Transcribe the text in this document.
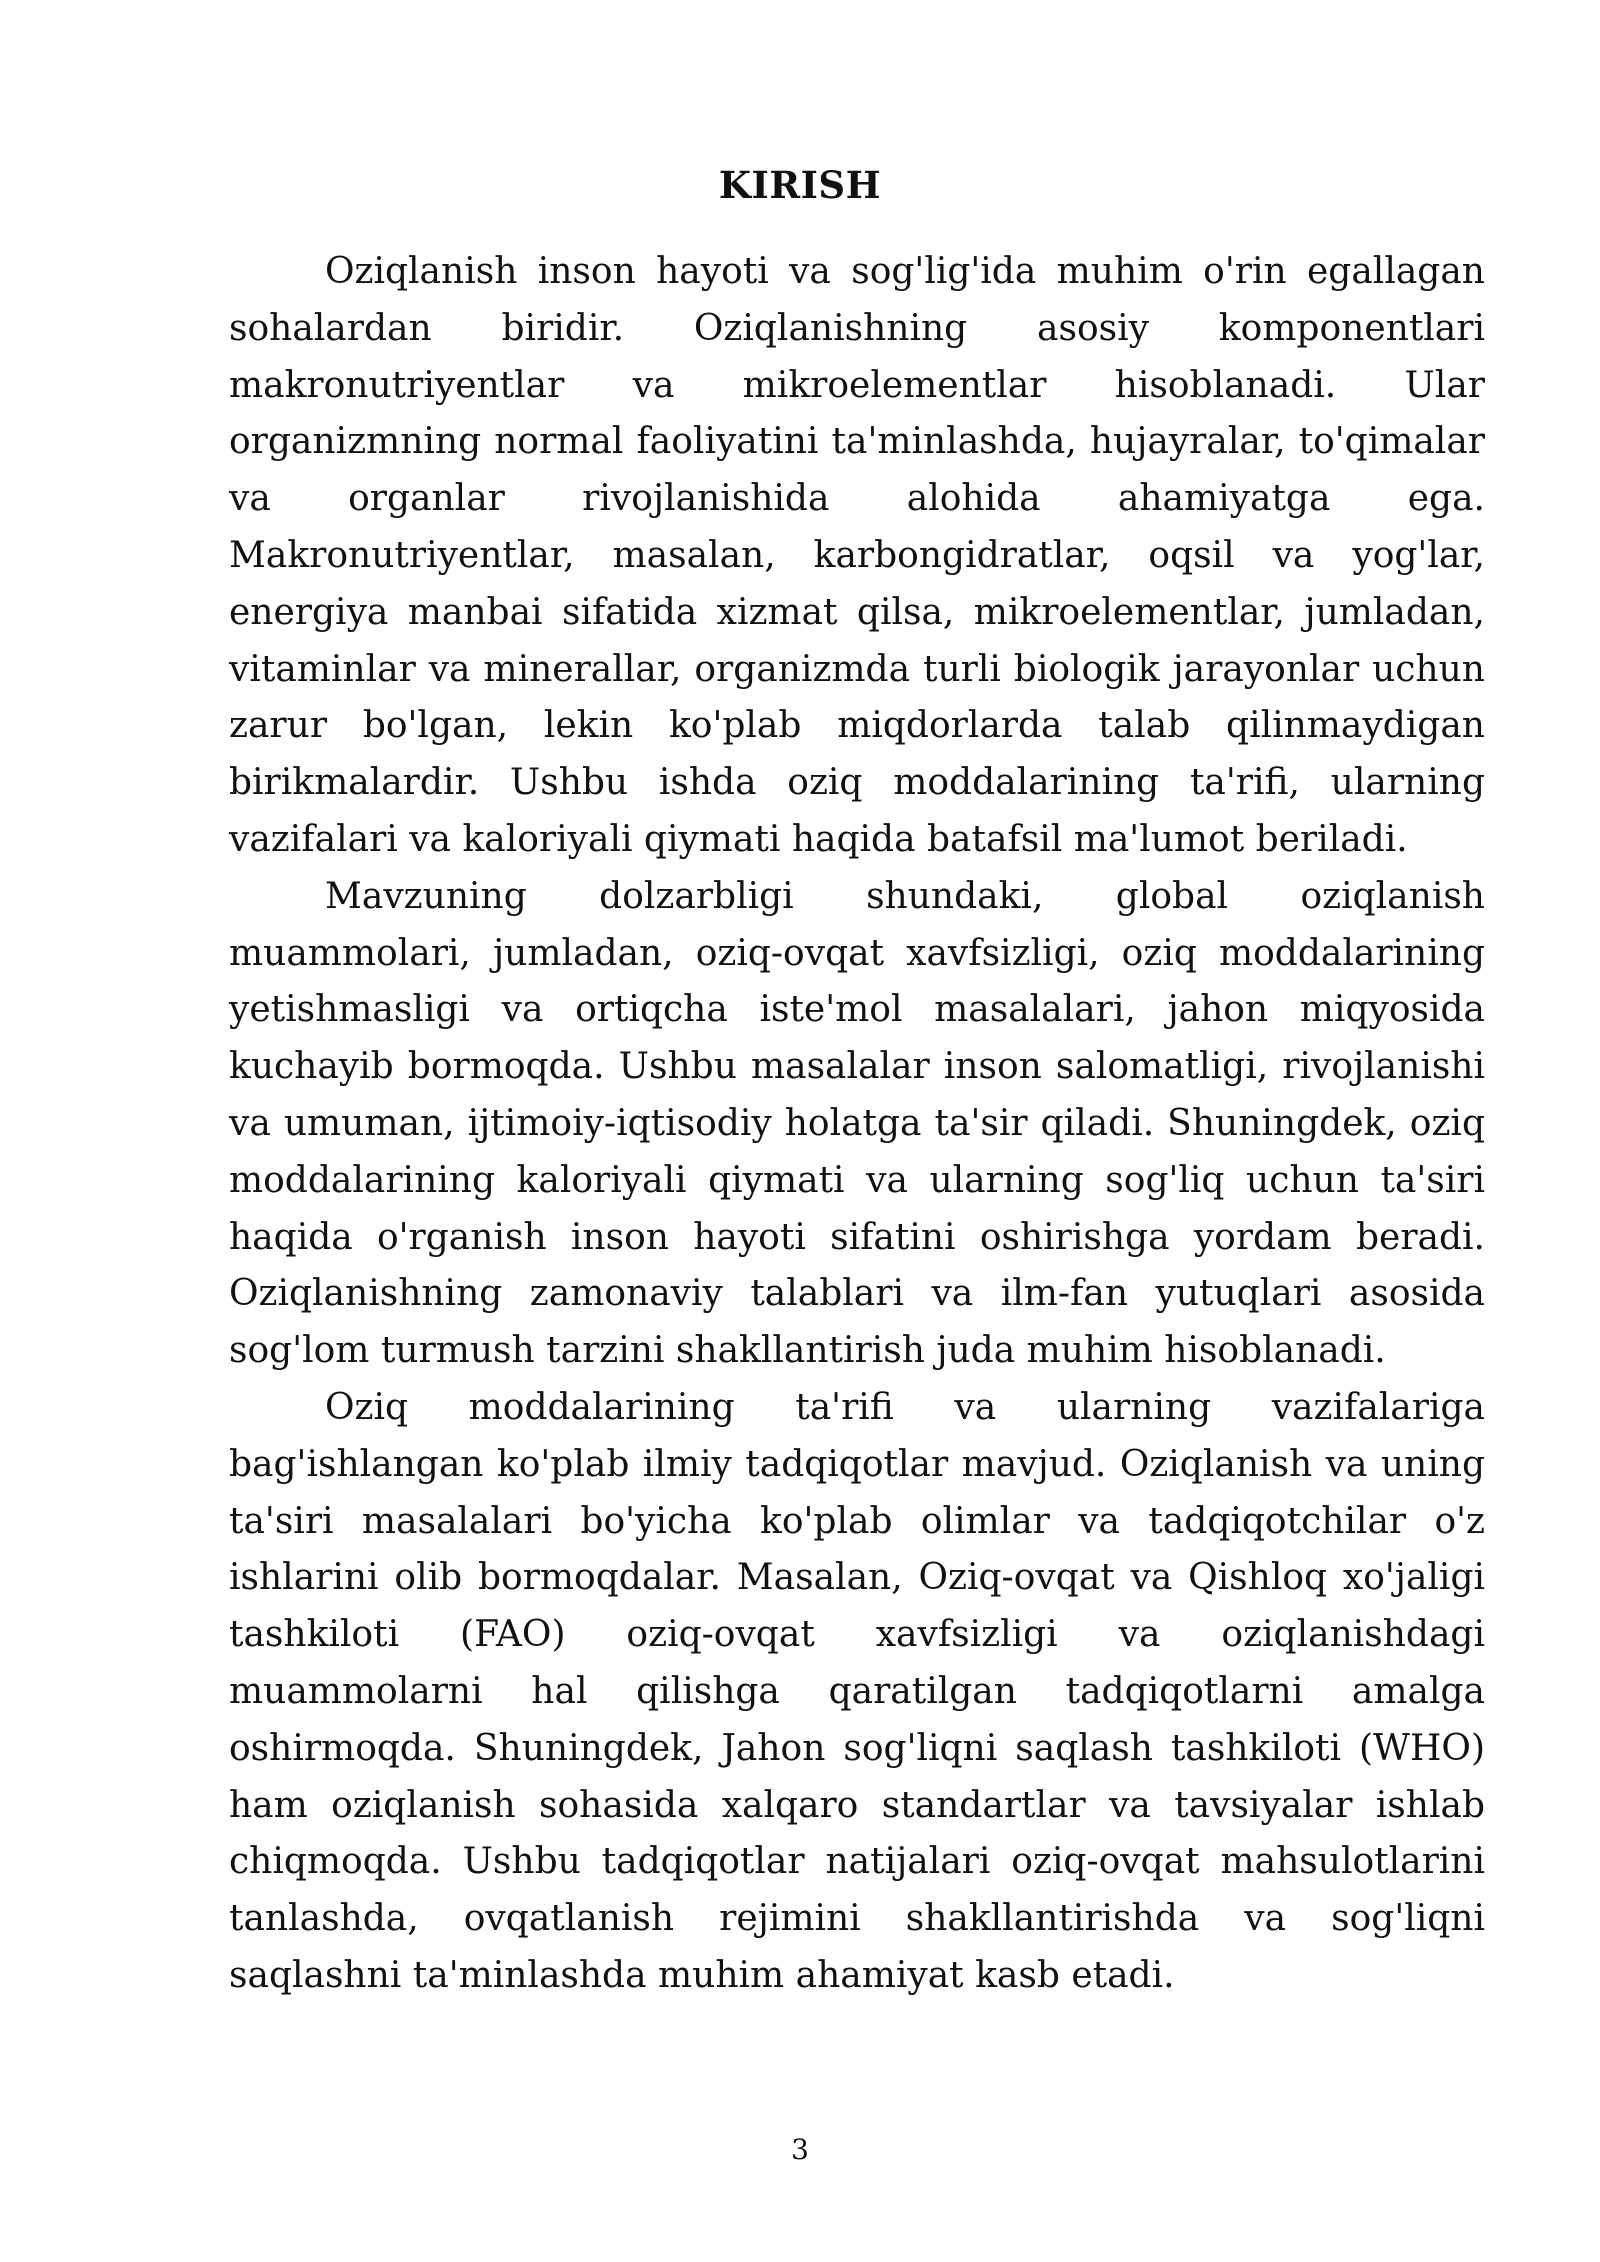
KIRISH

Oziqlanish inson hayoti va sog'lig'ida muhim o'rin egallagan sohalardan biridir. Oziqlanishning asosiy komponentlari makronutriyentlar va mikroelementlar hisoblanadi. Ular organizmning normal faoliyatini ta'minlashda, hujayralar, to'qimalar va organlar rivojlanishida alohida ahamiyatga ega. Makronutriyentlar, masalan, karbongidratlar, oqsil va yog'lar, energiya manbai sifatida xizmat qilsa, mikroelementlar, jumladan, vitaminlar va minerallar, organizmda turli biologik jarayonlar uchun zarur bo'lgan, lekin ko'plab miqdorlarda talab qilinmaydigan birikmalardir. Ushbu ishda oziq moddalarining ta'rifi, ularning vazifalari va kaloriyali qiymati haqida batafsil ma'lumot beriladi.

Mavzuning dolzarbligi shundaki, global oziqlanish muammolari, jumladan, oziq-ovqat xavfsizligi, oziq moddalarining yetishmasligi va ortiqcha iste'mol masalalari, jahon miqyosida kuchayib bormoqda. Ushbu masalalar inson salomatligi, rivojlanishi va umuman, ijtimoiy-iqtisodiy holatga ta'sir qiladi. Shuningdek, oziq moddalarining kaloriyali qiymati va ularning sog'liq uchun ta'siri haqida o'rganish inson hayoti sifatini oshirishga yordam beradi. Oziqlanishning zamonaviy talablari va ilm-fan yutuqlari asosida sog'lom turmush tarzini shakllantirish juda muhim hisoblanadi.

Oziq moddalarining ta'rifi va ularning vazifalariga bag'ishlangan ko'plab ilmiy tadqiqotlar mavjud. Oziqlanish va uning ta'siri masalalari bo'yicha ko'plab olimlar va tadqiqotchilar o'z ishlarini olib bormoqdalar. Masalan, Oziq-ovqat va Qishloq xo'jaligi tashkiloti (FAO) oziq-ovqat xavfsizligi va oziqlanishdagi muammolarni hal qilishga qaratilgan tadqiqotlarni amalga oshirmoqda. Shuningdek, Jahon sog'liqni saqlash tashkiloti (WHO) ham oziqlanish sohasida xalqaro standartlar va tavsiyalar ishlab chiqmoqda. Ushbu tadqiqotlar natijalari oziq-ovqat mahsulotlarini tanlashda, ovqatlanish rejimini shakllantirishda va sog'liqni saqlashni ta'minlashda muhim ahamiyat kasb etadi.

3
